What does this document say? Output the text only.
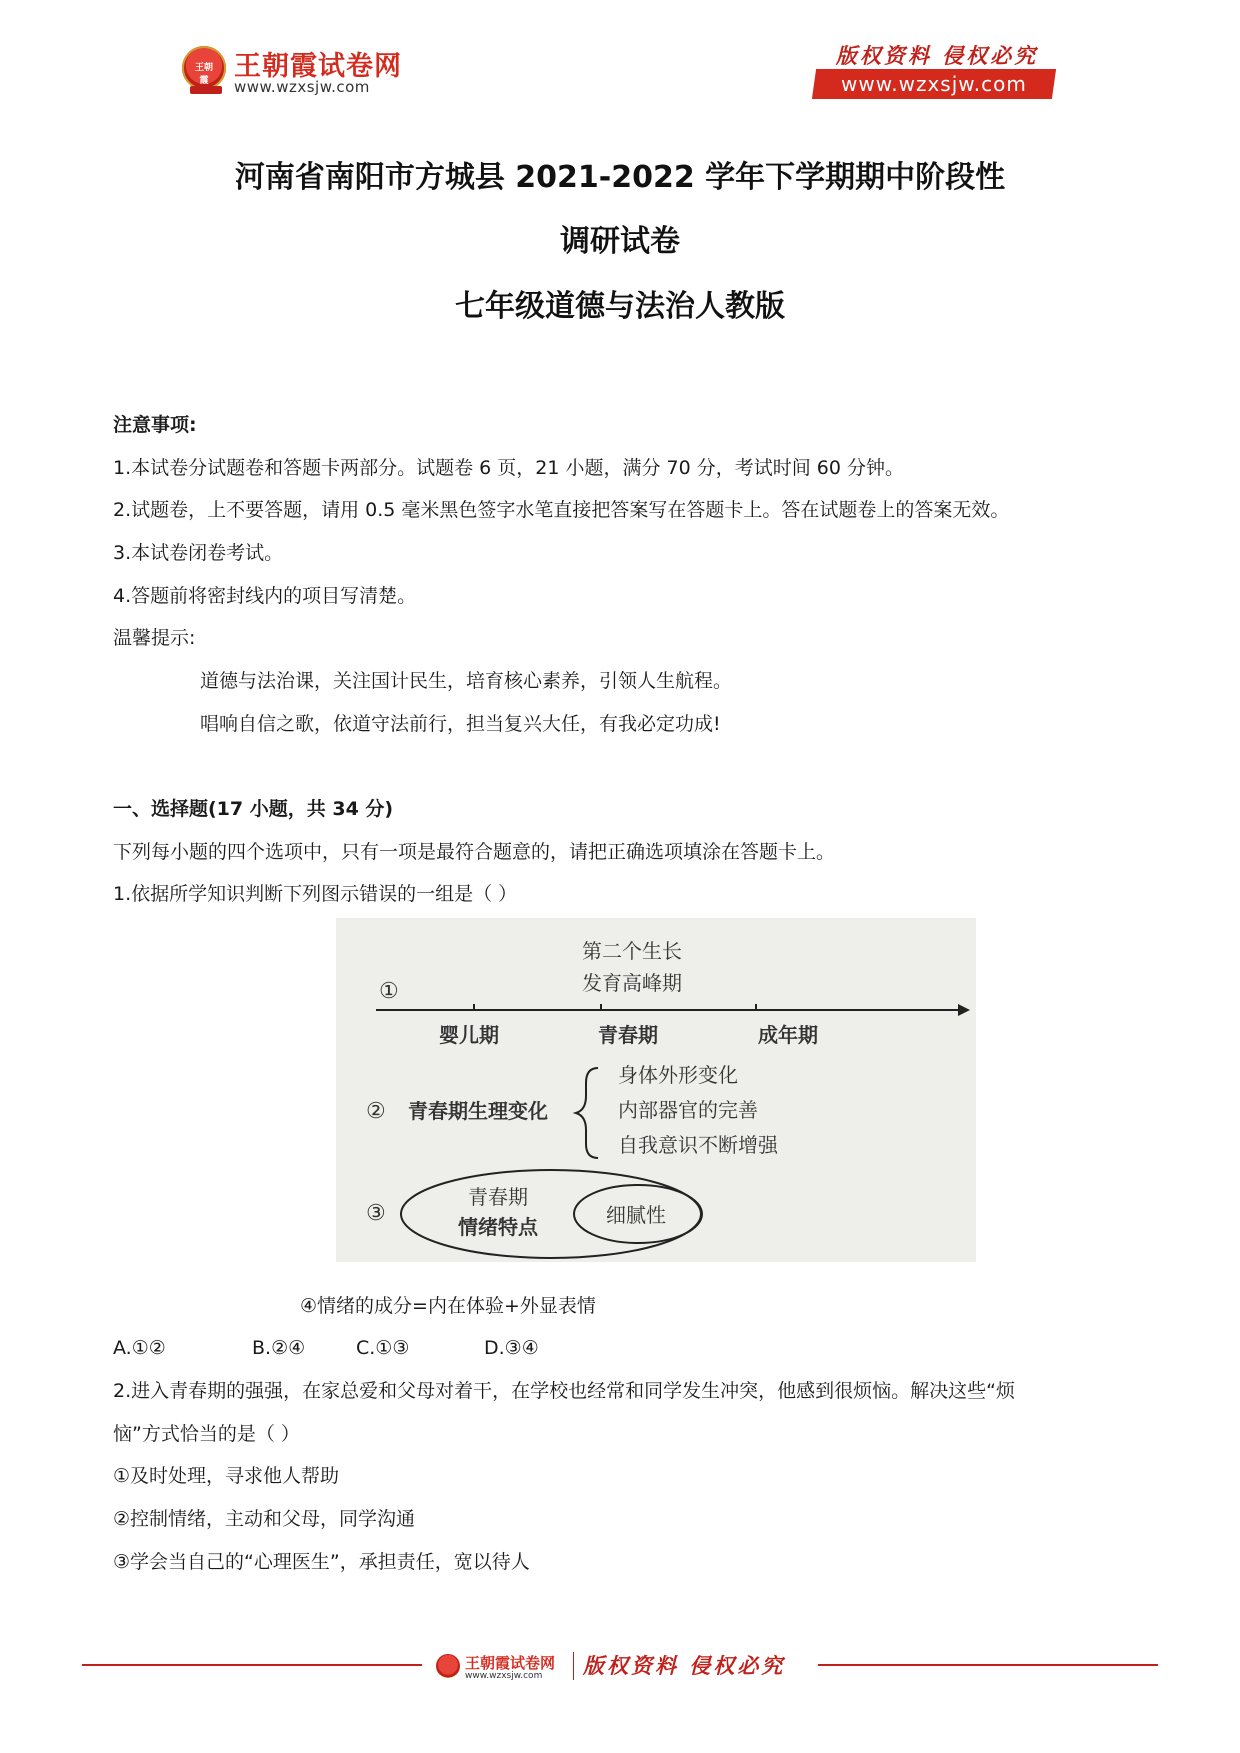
王朝霞 王朝霞试卷网
www.wzxsjw.com
版权资料 侵权必究
www.wzxsjw.com
河南省南阳市方城县 2021-2022 学年下学期期中阶段性
调研试卷
七年级道德与法治人教版
注意事项:
1.本试卷分试题卷和答题卡两部分。试题卷 6 页，21 小题，满分 70 分，考试时间 60 分钟。
2.试题卷，上不要答题，请用 0.5 毫米黑色签字水笔直接把答案写在答题卡上。答在试题卷上的答案无效。
3.本试卷闭卷考试。
4.答题前将密封线内的项目写清楚。
温馨提示:
道德与法治课，关注国计民生，培育核心素养，引领人生航程。
唱响自信之歌，依道守法前行，担当复兴大任，有我必定功成!
一、选择题(17 小题，共 34 分)
下列每小题的四个选项中，只有一项是最符合题意的，请把正确选项填涂在答题卡上。
1.依据所学知识判断下列图示错误的一组是（ ）
①
第二个生长
发育高峰期
婴儿期	青春期	成年期
② 青春期生理变化
身体外形变化
内部器官的完善
自我意识不断增强
③
青春期
情绪特点	细腻性
④情绪的成分=内在体验+外显表情
A.①②	B.②④	C.①③	D.③④
2.进入青春期的强强，在家总爱和父母对着干，在学校也经常和同学发生冲突，他感到很烦恼。解决这些“烦
恼”方式恰当的是（ ）
①及时处理，寻求他人帮助
②控制情绪，主动和父母，同学沟通
③学会当自己的“心理医生”，承担责任，宽以待人
王朝霞试卷网
www.wzxsjw.com 版权资料 侵权必究
